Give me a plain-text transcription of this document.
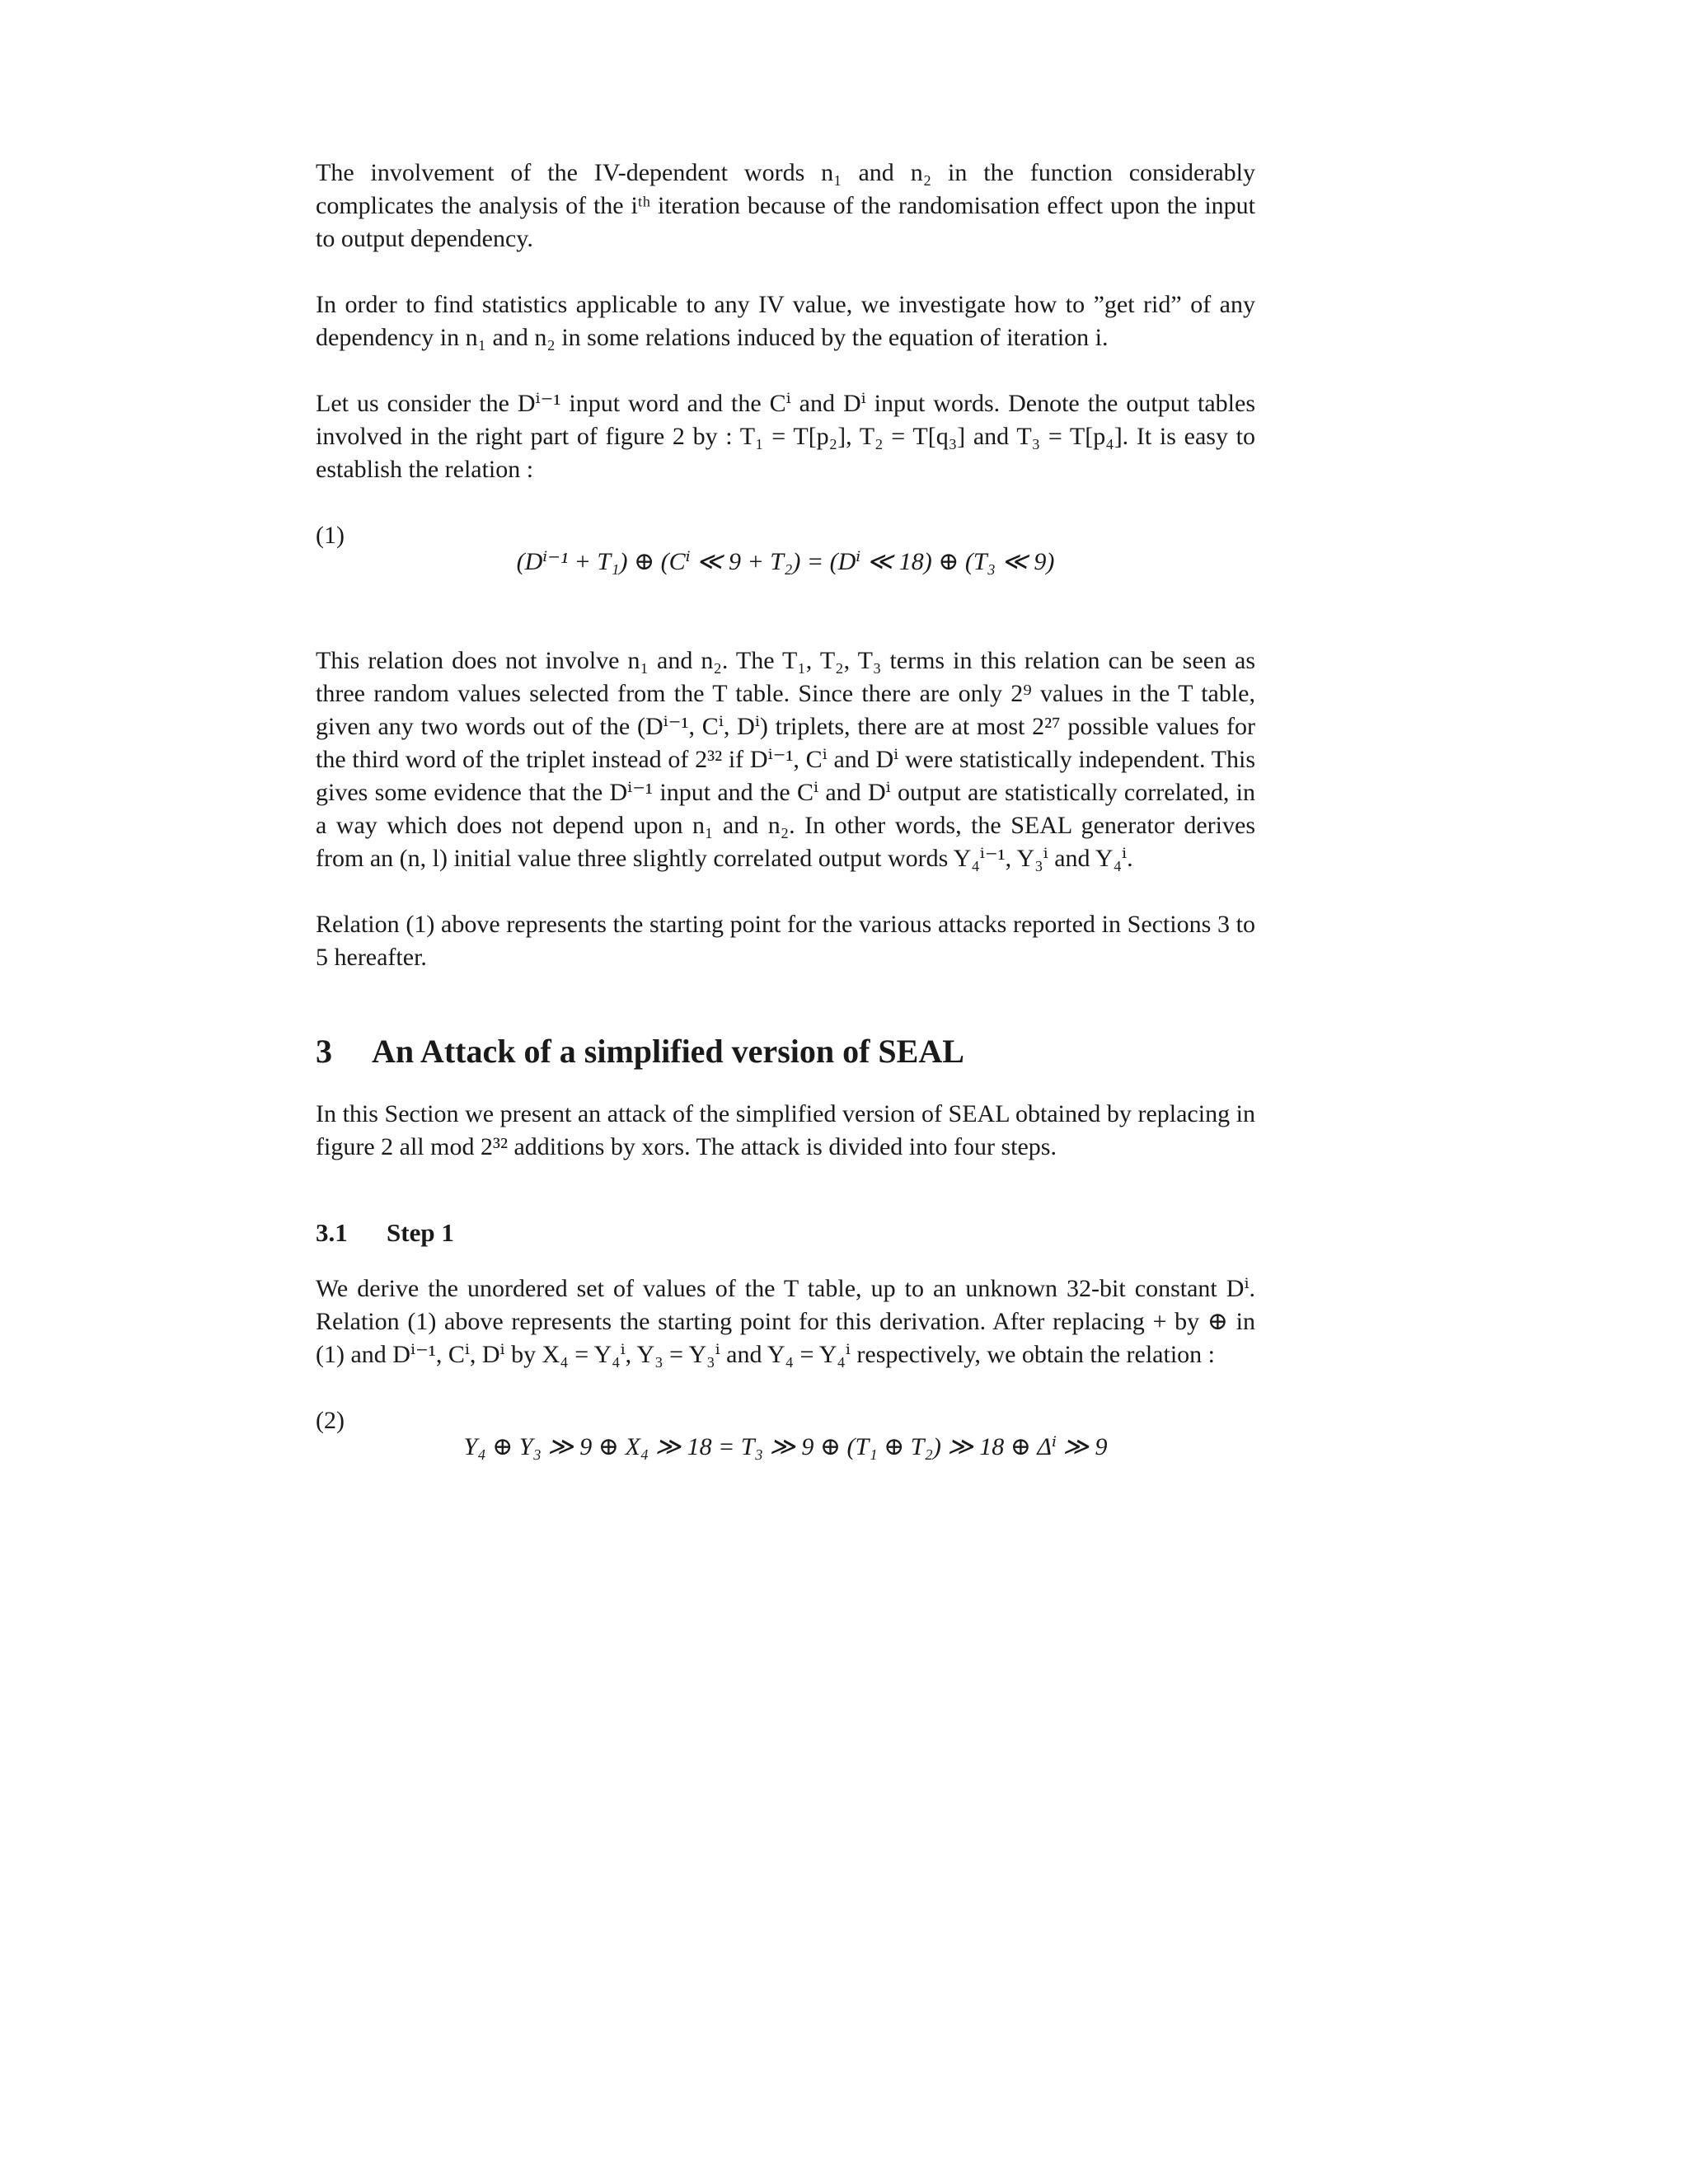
The involvement of the IV-dependent words n₁ and n₂ in the function considerably complicates the analysis of the iᵗʰ iteration because of the randomisation effect upon the input to output dependency.

In order to find statistics applicable to any IV value, we investigate how to ”get rid” of any dependency in n₁ and n₂ in some relations induced by the equation of iteration i.

Let us consider the Dⁱ⁻¹ input word and the Cⁱ and Dⁱ input words. Denote the output tables involved in the right part of figure 2 by : T₁ = T[p₂], T₂ = T[q₃] and T₃ = T[p₄]. It is easy to establish the relation :

(1)
(Dⁱ⁻¹ + T₁) ⊕ (Cⁱ ≪ 9 + T₂) = (Dⁱ ≪ 18) ⊕ (T₃ ≪ 9)

This relation does not involve n₁ and n₂. The T₁, T₂, T₃ terms in this relation can be seen as three random values selected from the T table. Since there are only 2⁹ values in the T table, given any two words out of the (Dⁱ⁻¹, Cⁱ, Dⁱ) triplets, there are at most 2²⁷ possible values for the third word of the triplet instead of 2³² if Dⁱ⁻¹, Cⁱ and Dⁱ were statistically independent. This gives some evidence that the Dⁱ⁻¹ input and the Cⁱ and Dⁱ output are statistically correlated, in a way which does not depend upon n₁ and n₂. In other words, the SEAL generator derives from an (n, l) initial value three slightly correlated output words Y₄ⁱ⁻¹, Y₃ⁱ and Y₄ⁱ.

Relation (1) above represents the starting point for the various attacks reported in Sections 3 to 5 hereafter.

3 An Attack of a simplified version of SEAL

In this Section we present an attack of the simplified version of SEAL obtained by replacing in figure 2 all mod 2³² additions by xors. The attack is divided into four steps.

3.1 Step 1

We derive the unordered set of values of the T table, up to an unknown 32-bit constant Dⁱ. Relation (1) above represents the starting point for this derivation. After replacing + by ⊕ in (1) and Dⁱ⁻¹, Cⁱ, Dⁱ by X₄ = Y₄ⁱ, Y₃ = Y₃ⁱ and Y₄ = Y₄ⁱ respectively, we obtain the relation :

(2)
Y₄ ⊕ Y₃ ≫ 9 ⊕ X₄ ≫ 18 = T₃ ≫ 9 ⊕ (T₁ ⊕ T₂) ≫ 18 ⊕ Δⁱ ≫ 9
